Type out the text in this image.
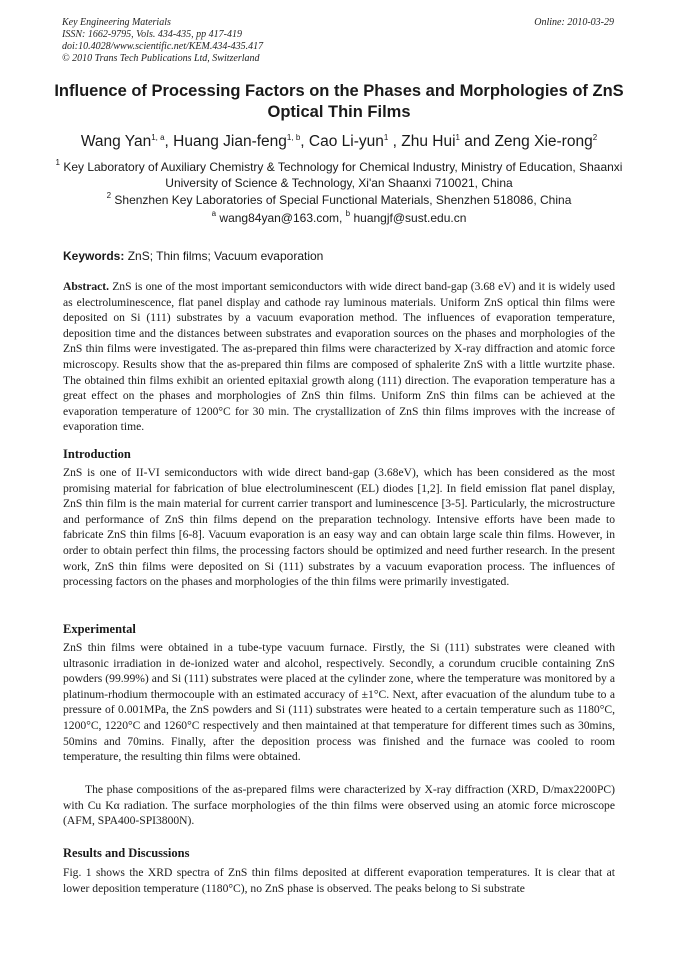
Key Engineering Materials
ISSN: 1662-9795, Vols. 434-435, pp 417-419
doi:10.4028/www.scientific.net/KEM.434-435.417
© 2010 Trans Tech Publications Ltd, Switzerland
Online: 2010-03-29
Influence of Processing Factors on the Phases and Morphologies of ZnS Optical Thin Films
Wang Yan$^{1, a}$, Huang Jian-feng$^{1, b}$, Cao Li-yun$^1$ , Zhu Hui$^1$ and Zeng Xie-rong$^2$
$^1$ Key Laboratory of Auxiliary Chemistry & Technology for Chemical Industry, Ministry of Education, Shaanxi University of Science & Technology, Xi'an Shaanxi 710021, China
$^2$ Shenzhen Key Laboratories of Special Functional Materials, Shenzhen 518086, China
$^a$ wang84yan@163.com, $^b$ huangjf@sust.edu.cn
Keywords: ZnS; Thin films; Vacuum evaporation
Abstract. ZnS is one of the most important semiconductors with wide direct band-gap (3.68 eV) and it is widely used as electroluminescence, flat panel display and cathode ray luminous materials. Uniform ZnS optical thin films were deposited on Si (111) substrates by a vacuum evaporation method. The influences of evaporation temperature, deposition time and the distances between substrates and evaporation sources on the phases and morphologies of the ZnS thin films were investigated. The as-prepared thin films were characterized by X-ray diffraction and atomic force microscopy. Results show that the as-prepared thin films are composed of sphalerite ZnS with a little wurtzite phase. The obtained thin films exhibit an oriented epitaxial growth along (111) direction. The evaporation temperature has a great effect on the phases and morphologies of ZnS thin films. Uniform ZnS thin films can be achieved at the evaporation temperature of 1200°C for 30 min. The crystallization of ZnS thin films improves with the increase of evaporation time.
Introduction
ZnS is one of II-VI semiconductors with wide direct band-gap (3.68eV), which has been considered as the most promising material for fabrication of blue electroluminescent (EL) diodes [1,2]. In field emission flat panel display, ZnS thin film is the main material for current carrier transport and luminescence [3-5]. Particularly, the microstructure and performance of ZnS thin films depend on the preparation technology. Intensive efforts have been made to fabricate ZnS thin films [6-8]. Vacuum evaporation is an easy way and can obtain large scale thin films. However, in order to obtain perfect thin films, the processing factors should be optimized and need further research. In the present work, ZnS thin films were deposited on Si (111) substrates by a vacuum evaporation process. The influences of processing factors on the phases and morphologies of the thin films were primarily investigated.
Experimental
ZnS thin films were obtained in a tube-type vacuum furnace. Firstly, the Si (111) substrates were cleaned with ultrasonic irradiation in de-ionized water and alcohol, respectively. Secondly, a corundum crucible containing ZnS powders (99.99%) and Si (111) substrates were placed at the cylinder zone, where the temperature was monitored by a platinum-rhodium thermocouple with an estimated accuracy of ±1°C. Next, after evacuation of the alundum tube to a pressure of 0.001MPa, the ZnS powders and Si (111) substrates were heated to a certain temperature such as 1180°C, 1200°C, 1220°C and 1260°C respectively and then maintained at that temperature for different times such as 30mins, 50mins and 70mins. Finally, after the deposition process was finished and the furnace was cooled to room temperature, the resulting thin films were obtained.
The phase compositions of the as-prepared films were characterized by X-ray diffraction (XRD, D/max2200PC) with Cu Kα radiation. The surface morphologies of the thin films were observed using an atomic force microscope (AFM, SPA400-SPI3800N).
Results and Discussions
Fig. 1 shows the XRD spectra of ZnS thin films deposited at different evaporation temperatures. It is clear that at lower deposition temperature (1180°C), no ZnS phase is observed. The peaks belong to Si substrate
